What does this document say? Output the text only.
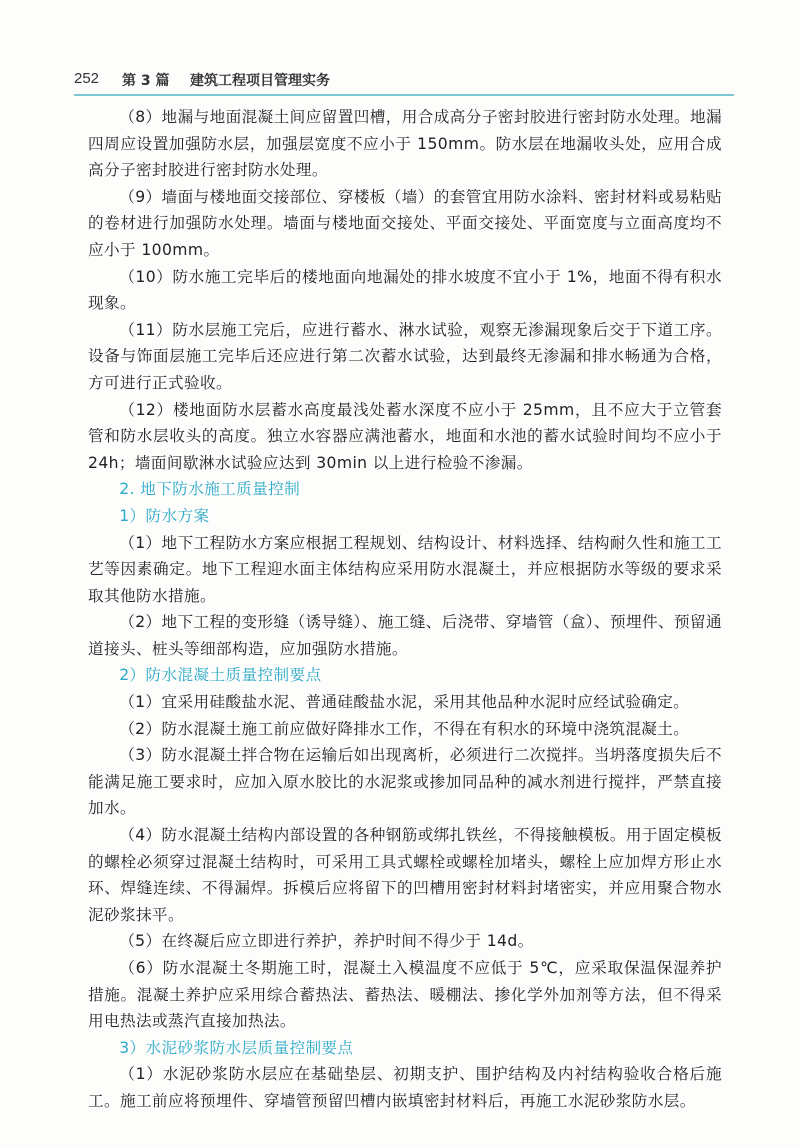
252 第 3 篇 建筑工程项目管理实务

（8）地漏与地面混凝土间应留置凹槽，用合成高分子密封胶进行密封防水处理。地漏四周应设置加强防水层，加强层宽度不应小于 150mm。防水层在地漏收头处，应用合成高分子密封胶进行密封防水处理。

（9）墙面与楼地面交接部位、穿楼板（墙）的套管宜用防水涂料、密封材料或易粘贴的卷材进行加强防水处理。墙面与楼地面交接处、平面交接处、平面宽度与立面高度均不应小于 100mm。

（10）防水施工完毕后的楼地面向地漏处的排水坡度不宜小于 1%，地面不得有积水现象。

（11）防水层施工完后，应进行蓄水、淋水试验，观察无渗漏现象后交于下道工序。设备与饰面层施工完毕后还应进行第二次蓄水试验，达到最终无渗漏和排水畅通为合格，方可进行正式验收。

（12）楼地面防水层蓄水高度最浅处蓄水深度不应小于 25mm，且不应大于立管套管和防水层收头的高度。独立水容器应满池蓄水，地面和水池的蓄水试验时间均不应小于 24h；墙面间歇淋水试验应达到 30min 以上进行检验不渗漏。

2. 地下防水施工质量控制

1）防水方案

（1）地下工程防水方案应根据工程规划、结构设计、材料选择、结构耐久性和施工工艺等因素确定。地下工程迎水面主体结构应采用防水混凝土，并应根据防水等级的要求采取其他防水措施。

（2）地下工程的变形缝（诱导缝）、施工缝、后浇带、穿墙管（盒）、预埋件、预留通道接头、桩头等细部构造，应加强防水措施。

2）防水混凝土质量控制要点

（1）宜采用硅酸盐水泥、普通硅酸盐水泥，采用其他品种水泥时应经试验确定。

（2）防水混凝土施工前应做好降排水工作，不得在有积水的环境中浇筑混凝土。

（3）防水混凝土拌合物在运输后如出现离析，必须进行二次搅拌。当坍落度损失后不能满足施工要求时，应加入原水胶比的水泥浆或掺加同品种的减水剂进行搅拌，严禁直接加水。

（4）防水混凝土结构内部设置的各种钢筋或绑扎铁丝，不得接触模板。用于固定模板的螺栓必须穿过混凝土结构时，可采用工具式螺栓或螺栓加堵头，螺栓上应加焊方形止水环、焊缝连续、不得漏焊。拆模后应将留下的凹槽用密封材料封堵密实，并应用聚合物水泥砂浆抹平。

（5）在终凝后应立即进行养护，养护时间不得少于 14d。

（6）防水混凝土冬期施工时，混凝土入模温度不应低于 5℃，应采取保温保湿养护措施。混凝土养护应采用综合蓄热法、蓄热法、暖棚法、掺化学外加剂等方法，但不得采用电热法或蒸汽直接加热法。

3）水泥砂浆防水层质量控制要点

（1）水泥砂浆防水层应在基础垫层、初期支护、围护结构及内衬结构验收合格后施工。施工前应将预埋件、穿墙管预留凹槽内嵌填密封材料后，再施工水泥砂浆防水层。
